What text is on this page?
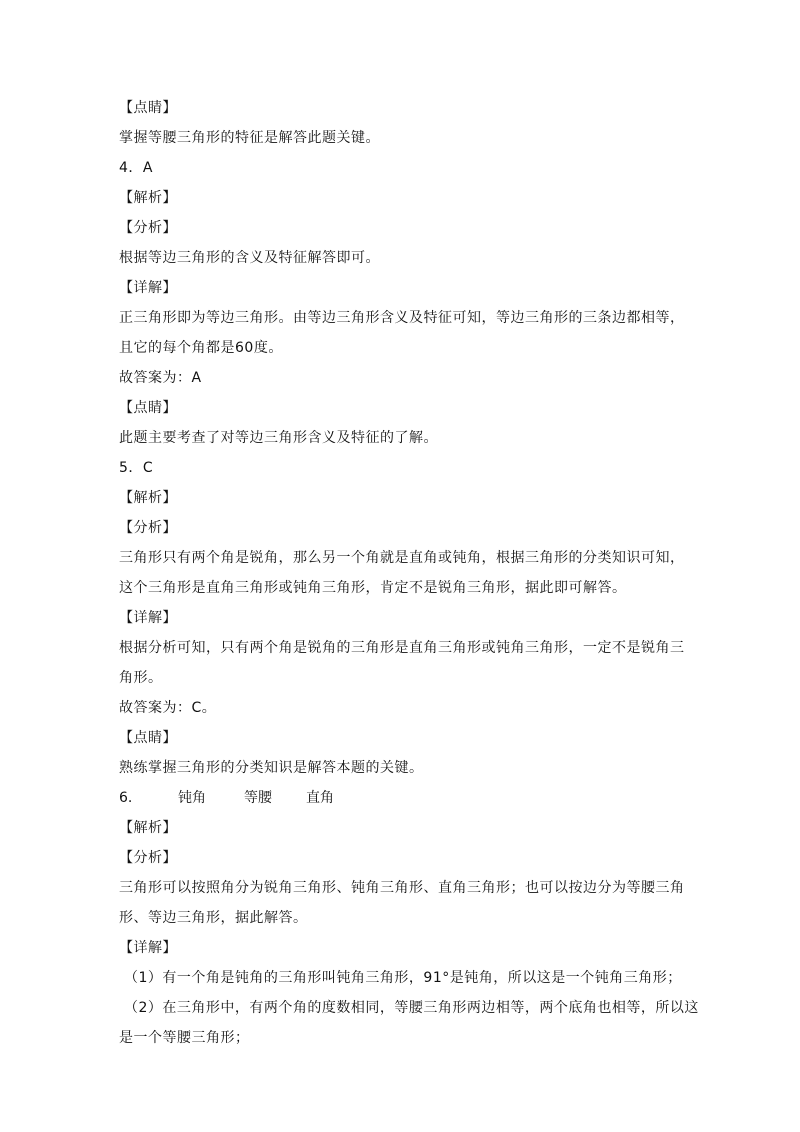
【点睛】
掌握等腰三角形的特征是解答此题关键。
4．A
【解析】
【分析】
根据等边三角形的含义及特征解答即可。
【详解】
正三角形即为等边三角形。由等边三角形含义及特征可知，等边三角形的三条边都相等，
且它的每个角都是60度。
故答案为：A
【点睛】
此题主要考查了对等边三角形含义及特征的了解。
5．C
【解析】
【分析】
三角形只有两个角是锐角，那么另一个角就是直角或钝角，根据三角形的分类知识可知，
这个三角形是直角三角形或钝角三角形，肯定不是锐角三角形，据此即可解答。
【详解】
根据分析可知，只有两个角是锐角的三角形是直角三角形或钝角三角形，一定不是锐角三
角形。
故答案为：C。
【点睛】
熟练掌握三角形的分类知识是解答本题的关键。
6.	钝角	等腰 直角
【解析】
【分析】
三角形可以按照角分为锐角三角形、钝角三角形、直角三角形；也可以按边分为等腰三角
形、等边三角形，据此解答。
【详解】
（1）有一个角是钝角的三角形叫钝角三角形，91°是钝角，所以这是一个钝角三角形；
（2）在三角形中，有两个角的度数相同，等腰三角形两边相等，两个底角也相等，所以这
是一个等腰三角形；
